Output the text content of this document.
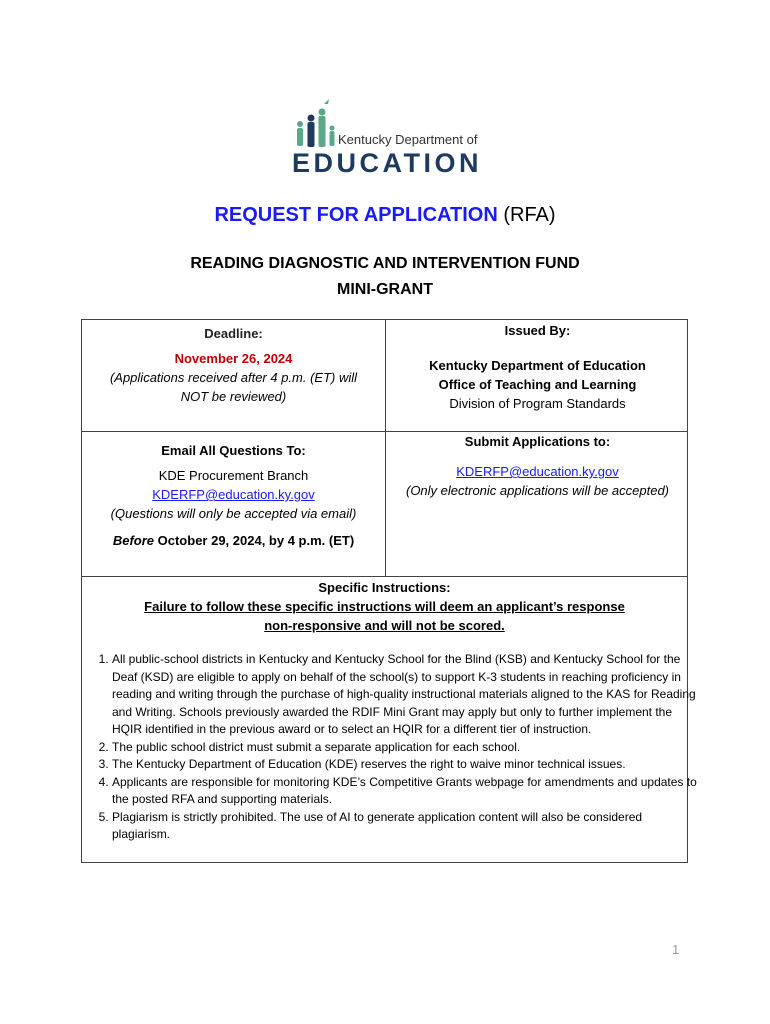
Kentucky Department of
EDUCATION
REQUEST FOR APPLICATION (RFA)
READING DIAGNOSTIC AND INTERVENTION FUND
MINI-GRANT
Deadline:
November 26, 2024
(Applications received after 4 p.m. (ET) will
NOT be reviewed)
Issued By:
Kentucky Department of Education
Office of Teaching and Learning
Division of Program Standards
Email All Questions To:
KDE Procurement Branch
KDERFP@education.ky.gov
(Questions will only be accepted via email)
Before October 29, 2024, by 4 p.m. (ET)
Submit Applications to:
KDERFP@education.ky.gov
(Only electronic applications will be accepted)
Specific Instructions:
Failure to follow these specific instructions will deem an applicant’s response
non-responsive and will not be scored.
1. All public-school districts in Kentucky and Kentucky School for the Blind (KSB) and Kentucky School for the Deaf (KSD) are eligible to apply on behalf of the school(s) to support K-3 students in reaching proficiency in reading and writing through the purchase of high-quality instructional materials aligned to the KAS for Reading and Writing. Schools previously awarded the RDIF Mini Grant may apply but only to further implement the HQIR identified in the previous award or to select an HQIR for a different tier of instruction.
2. The public school district must submit a separate application for each school.
3. The Kentucky Department of Education (KDE) reserves the right to waive minor technical issues.
4. Applicants are responsible for monitoring KDE’s Competitive Grants webpage for amendments and updates to the posted RFA and supporting materials.
5. Plagiarism is strictly prohibited. The use of AI to generate application content will also be considered plagiarism.
1
